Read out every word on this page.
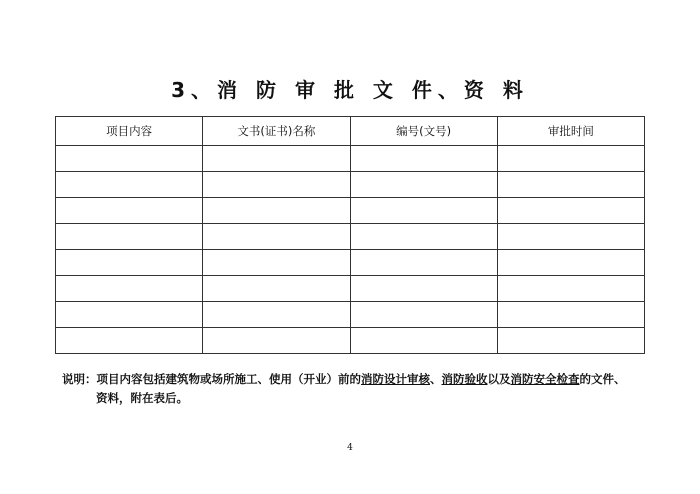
3、消 防 审 批 文 件、资 料
项目内容	文书(证书)名称	编号(文号)	审批时间

说明：项目内容包括建筑物或场所施工、使用（开业）前的消防设计审核、消防验收以及消防安全检查的文件、
资料，附在表后。
4
